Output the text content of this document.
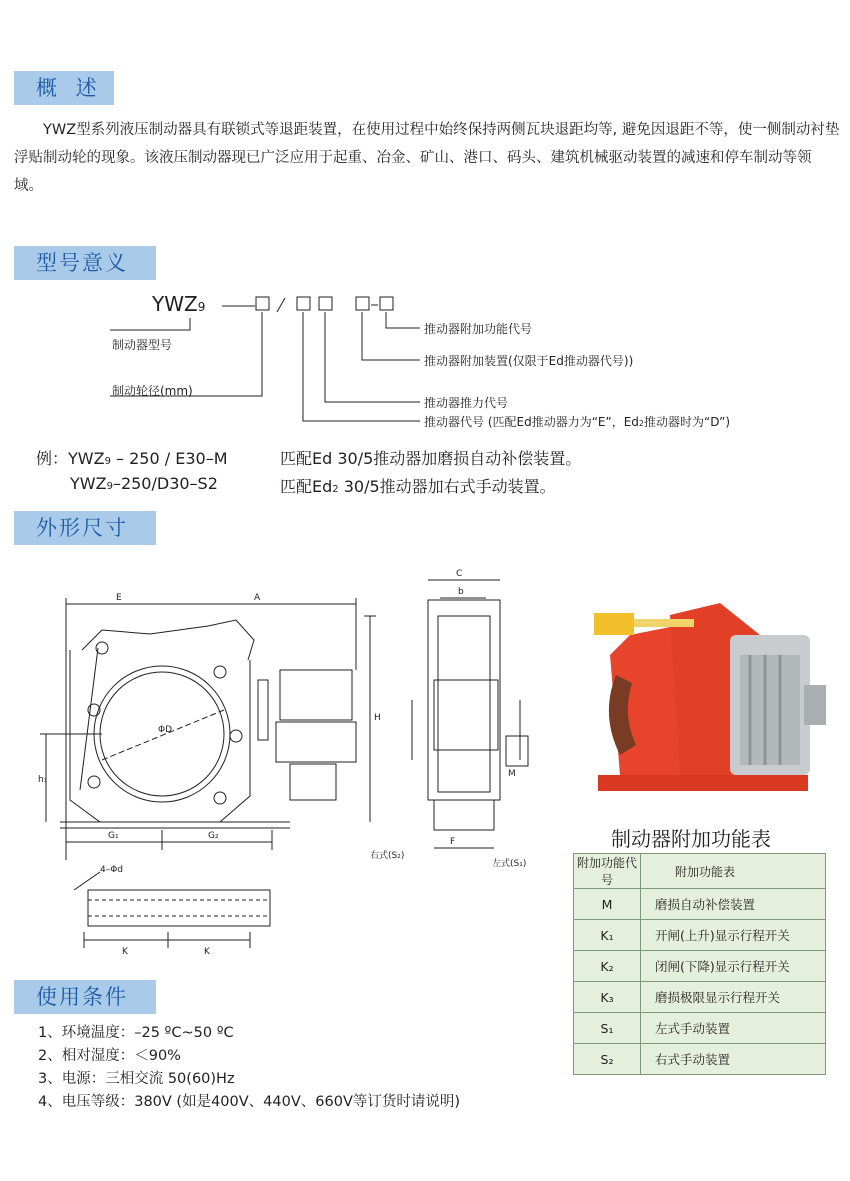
概 述
　　YWZ型系列液压制动器具有联锁式等退距装置，在使用过程中始终保持两侧瓦块退距均等, 避免因退距不等，使一侧制动衬垫浮贴制动轮的现象。该液压制动器现已广泛应用于起重、冶金、矿山、港口、码头、建筑机械驱动装置的减速和停车制动等领域。
型号意义
YWZ9
制动器型号
制动轮径(mm)
推动器附加功能代号
推动器附加装置(仅限于Ed推动器代号))
推动器推力代号
推动器代号 (匹配Ed推动器力为“E”，Ed2推动器时为“D”)
例：YWZ9 – 250 / E30–M	匹配Ed 30/5推动器加磨损自动补偿装置。
YWZ9–250/D30–S2	匹配Ed2 30/5推动器加右式手动装置。
外形尺寸
E	A
H
h₁
ΦD
G₁	G₂
C
b
F
M
右式(S₂)
左式(S₁)
4–Φd
K	K
制动器附加功能表
附加功能代号	附加功能表
M	磨损自动补偿装置
K₁	开闸(上升)显示行程开关
K₂	闭闸(下降)显示行程开关
K₃	磨损极限显示行程开关
S₁	左式手动装置
S₂	右式手动装置
使用条件
1、环境温度：–25 ºC~50 ºC
2、相对湿度：＜90%
3、电源：三相交流 50(60)Hz
4、电压等级：380V (如是400V、440V、660V等订货时请说明)
